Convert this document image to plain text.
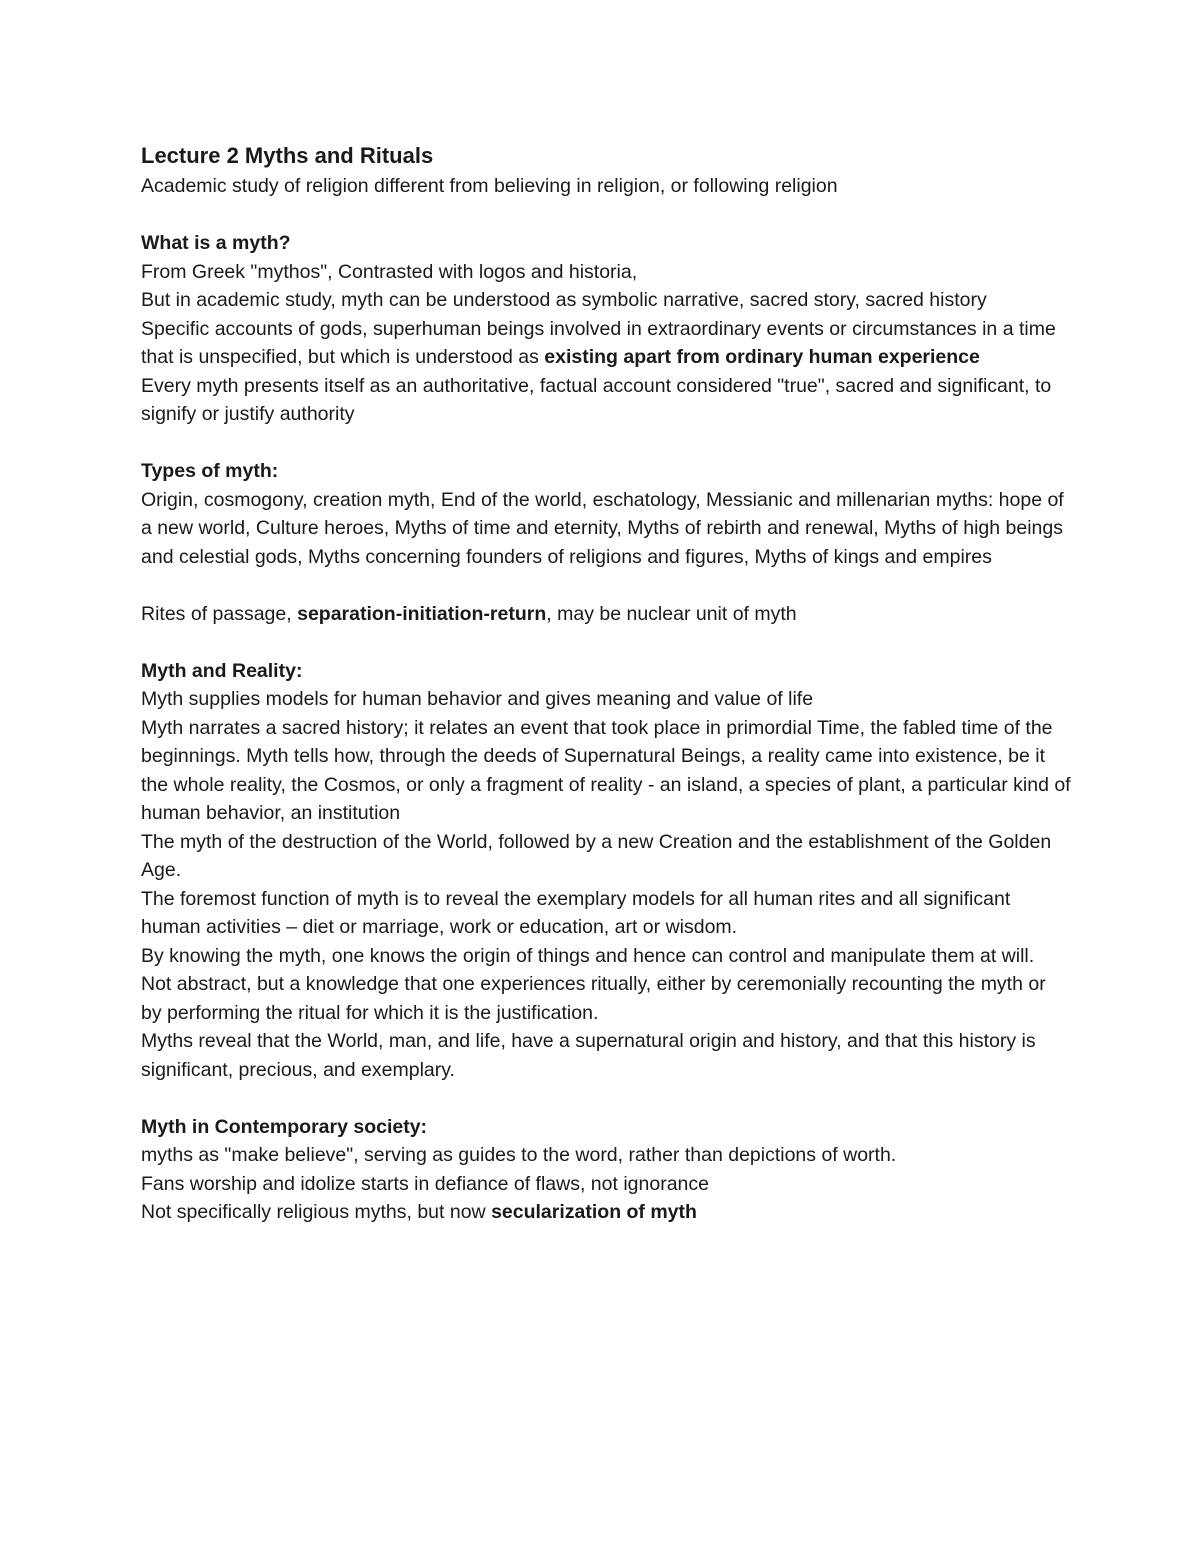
Lecture 2 Myths and Rituals

Academic study of religion different from believing in religion, or following religion

What is a myth?

From Greek "mythos", Contrasted with logos and historia,

But in academic study, myth can be understood as symbolic narrative, sacred story, sacred history

Specific accounts of gods, superhuman beings involved in extraordinary events or circumstances in a time that is unspecified, but which is understood as existing apart from ordinary human experience

Every myth presents itself as an authoritative, factual account considered "true", sacred and significant, to signify or justify authority

Types of myth:

Origin, cosmogony, creation myth, End of the world, eschatology, Messianic and millenarian myths: hope of a new world, Culture heroes, Myths of time and eternity, Myths of rebirth and renewal, Myths of high beings and celestial gods, Myths concerning founders of religions and figures, Myths of kings and empires

Rites of passage, separation-initiation-return, may be nuclear unit of myth

Myth and Reality:

Myth supplies models for human behavior and gives meaning and value of life

Myth narrates a sacred history; it relates an event that took place in primordial Time, the fabled time of the beginnings. Myth tells how, through the deeds of Supernatural Beings, a reality came into existence, be it the whole reality, the Cosmos, or only a fragment of reality - an island, a species of plant, a particular kind of human behavior, an institution

The myth of the destruction of the World, followed by a new Creation and the establishment of the Golden Age.

The foremost function of myth is to reveal the exemplary models for all human rites and all significant human activities – diet or marriage, work or education, art or wisdom.

By knowing the myth, one knows the origin of things and hence can control and manipulate them at will.

Not abstract, but a knowledge that one experiences ritually, either by ceremonially recounting the myth or by performing the ritual for which it is the justification.

Myths reveal that the World, man, and life, have a supernatural origin and history, and that this history is significant, precious, and exemplary.

Myth in Contemporary society:

myths as "make believe", serving as guides to the word, rather than depictions of worth.

Fans worship and idolize starts in defiance of flaws, not ignorance

Not specifically religious myths, but now secularization of myth
